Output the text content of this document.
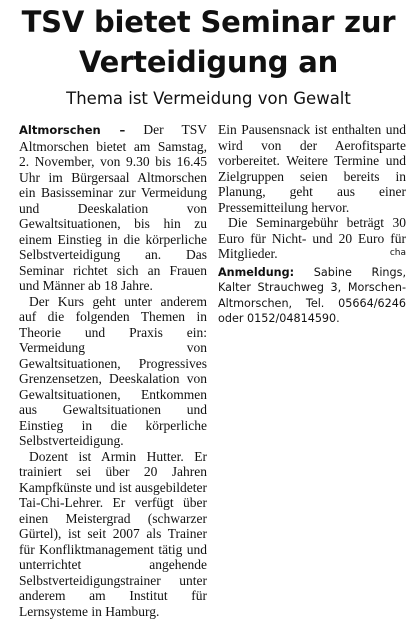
TSV bietet Seminar zur
Verteidigung an
Thema ist Vermeidung von Gewalt

Altmorschen – Der TSV Altmorschen bietet am Samstag, 2. November, von 9.30 bis 16.45 Uhr im Bürgersaal Altmorschen ein Basisseminar zur Vermeidung und Deeskalation von Gewaltsituationen, bis hin zu einem Einstieg in die körperliche Selbstverteidigung an. Das Seminar richtet sich an Frauen und Männer ab 18 Jahre.

Der Kurs geht unter anderem auf die folgenden Themen in Theorie und Praxis ein: Vermeidung von Gewaltsituationen, Progressives Grenzensetzen, Deeskalation von Gewaltsituationen, Entkommen aus Gewaltsituationen und Einstieg in die körperliche Selbstverteidigung.

Dozent ist Armin Hutter. Er trainiert sei über 20 Jahren Kampfkünste und ist ausgebildeter Tai-Chi-Lehrer. Er verfügt über einen Meistergrad (schwarzer Gürtel), ist seit 2007 als Trainer für Konfliktmanagement tätig und unterrichtet angehende Selbstverteidigungstrainer unter anderem am Institut für Lernsysteme in Hamburg.

Ein Pausensnack ist enthalten und wird von der Aerofitsparte vorbereitet. Weitere Termine und Zielgruppen seien bereits in Planung, geht aus einer Pressemitteilung hervor.

Die Seminargebühr beträgt 30 Euro für Nicht- und 20 Euro für Mitglieder.	cha

Anmeldung: Sabine Rings, Kalter Strauchweg 3, Morschen-Altmorschen, Tel. 05664/6246 oder 0152/04814590.
